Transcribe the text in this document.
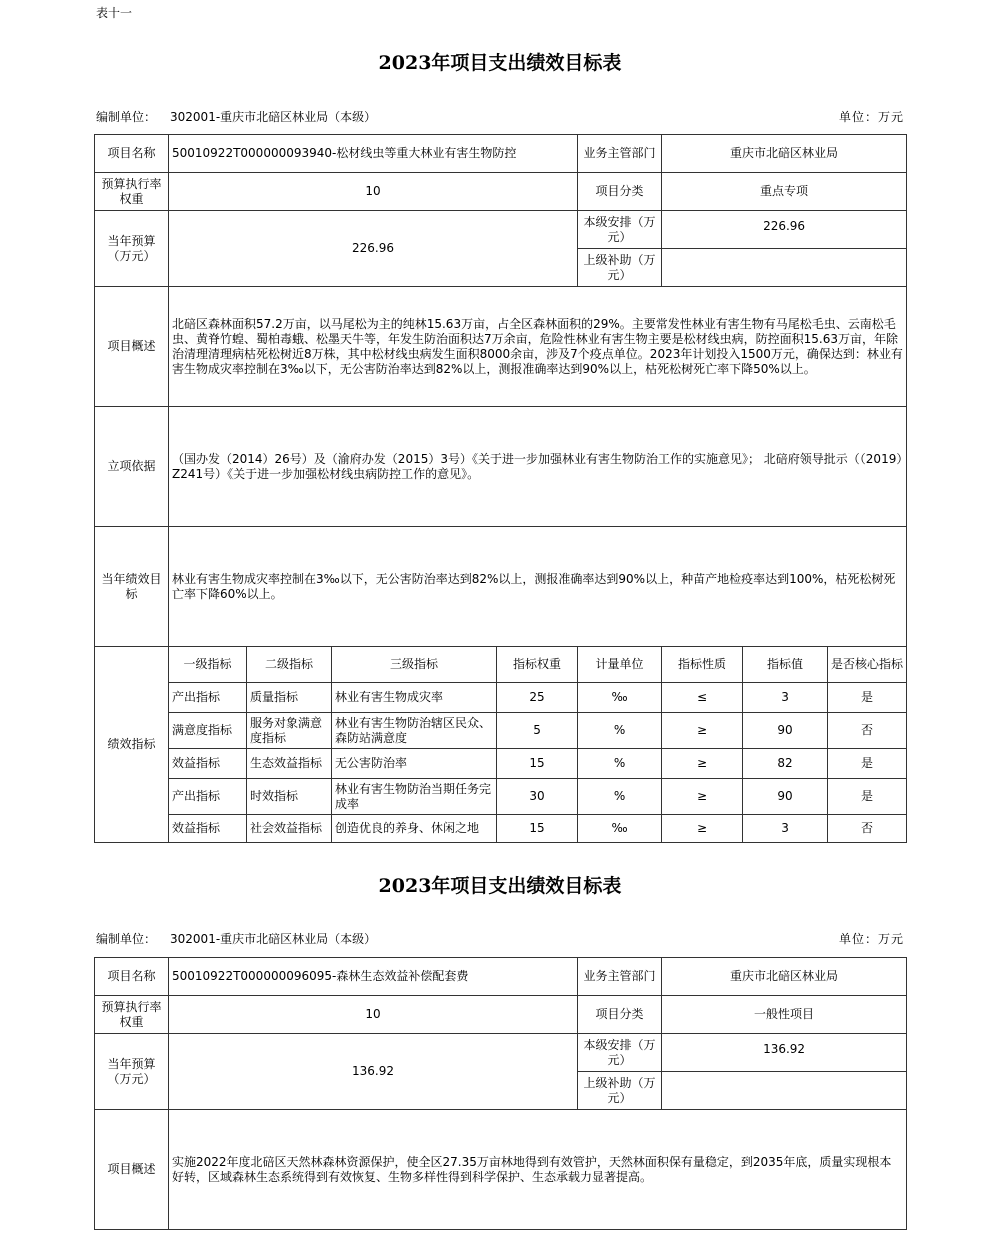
表十一
2023年项目支出绩效目标表
编制单位： 302001-重庆市北碚区林业局（本级）	单位：万元
项目名称	50010922T000000093940-松材线虫等重大林业有害生物防控				业务主管部门	重庆市北碚区林业局		
预算执行率权重	10				项目分类	重点专项		
当年预算（万元）	226.96				本级安排（万元）	226.96		
					上级补助（万元）			
项目概述	北碚区森林面积57.2万亩，以马尾松为主的纯林15.63万亩，占全区森林面积的29%。主要常发性林业有害生物有马尾松毛虫、云南松毛虫、黄脊竹蝗、蜀柏毒蛾、松墨天牛等，年发生防治面积达7万余亩，危险性林业有害生物主要是松材线虫病，防控面积15.63万亩，年除治清理清理病枯死松树近8万株，其中松材线虫病发生面积8000余亩，涉及7个疫点单位。2023年计划投入1500万元，确保达到：林业有害生物成灾率控制在3‰以下，无公害防治率达到82%以上，测报准确率达到90%以上，枯死松树死亡率下降50%以上。							
立项依据	（国办发（2014）26号）及（渝府办发（2015）3号）《关于进一步加强林业有害生物防治工作的实施意见》； 北碚府领导批示（（2019）Z241号）《关于进一步加强松材线虫病防控工作的意见》。							
当年绩效目标	林业有害生物成灾率控制在3‰以下，无公害防治率达到82%以上，测报准确率达到90%以上，种苗产地检疫率达到100%，枯死松树死亡率下降60%以上。							
绩效指标	一级指标	二级指标	三级指标	指标权重	计量单位	指标性质	指标值	是否核心指标
	产出指标	质量指标	林业有害生物成灾率	25	‰	≤	3	是
	满意度指标	服务对象满意度指标	林业有害生物防治辖区民众、森防站满意度	5	%	≥	90	否
	效益指标	生态效益指标	无公害防治率	15	%	≥	82	是
	产出指标	时效指标	林业有害生物防治当期任务完成率	30	%	≥	90	是
	效益指标	社会效益指标	创造优良的养身、休闲之地	15	‰	≥	3	否
2023年项目支出绩效目标表
编制单位： 302001-重庆市北碚区林业局（本级）	单位：万元
项目名称	50010922T000000096095-森林生态效益补偿配套费	业务主管部门	重庆市北碚区林业局
预算执行率权重	10	项目分类	一般性项目
当年预算（万元）	136.92	本级安排（万元）	136.92
		上级补助（万元）	
项目概述	实施2022年度北碚区天然林森林资源保护，使全区27.35万亩林地得到有效管护，天然林面积保有量稳定，到2035年底，质量实现根本好转，区域森林生态系统得到有效恢复、生物多样性得到科学保护、生态承载力显著提高。		
